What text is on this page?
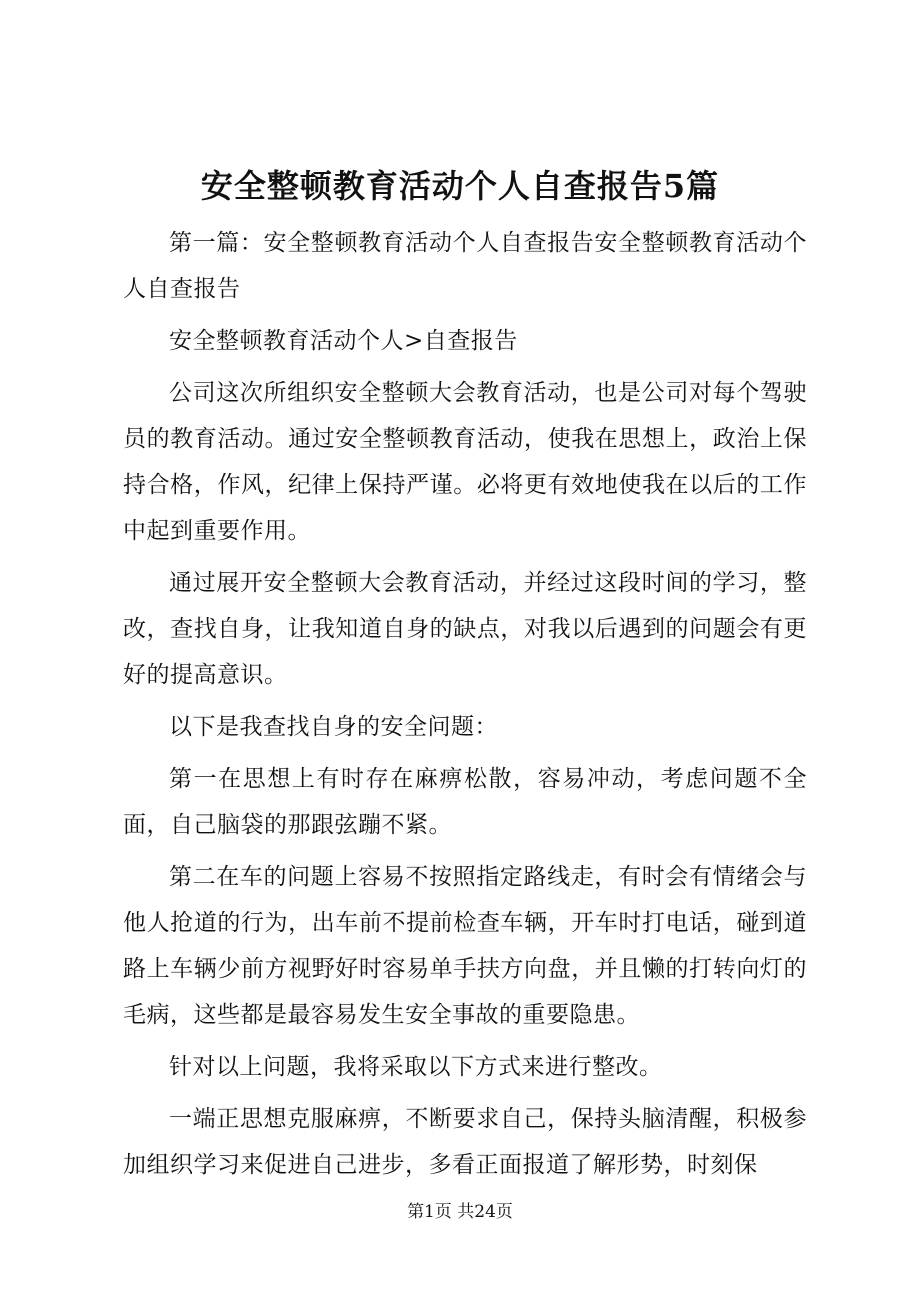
安全整顿教育活动个人自查报告5篇

第一篇：安全整顿教育活动个人自查报告安全整顿教育活动个人自查报告

安全整顿教育活动个人>自查报告

公司这次所组织安全整顿大会教育活动，也是公司对每个驾驶员的教育活动。通过安全整顿教育活动，使我在思想上，政治上保持合格，作风，纪律上保持严谨。必将更有效地使我在以后的工作中起到重要作用。

通过展开安全整顿大会教育活动，并经过这段时间的学习，整改，查找自身，让我知道自身的缺点，对我以后遇到的问题会有更好的提高意识。

以下是我查找自身的安全问题：

第一在思想上有时存在麻痹松散，容易冲动，考虑问题不全面，自己脑袋的那跟弦蹦不紧。

第二在车的问题上容易不按照指定路线走，有时会有情绪会与他人抢道的行为，出车前不提前检查车辆，开车时打电话，碰到道路上车辆少前方视野好时容易单手扶方向盘，并且懒的打转向灯的毛病，这些都是最容易发生安全事故的重要隐患。

针对以上问题，我将采取以下方式来进行整改。

一端正思想克服麻痹，不断要求自己，保持头脑清醒，积极参加组织学习来促进自己进步，多看正面报道了解形势，时刻保

第1页 共24页
